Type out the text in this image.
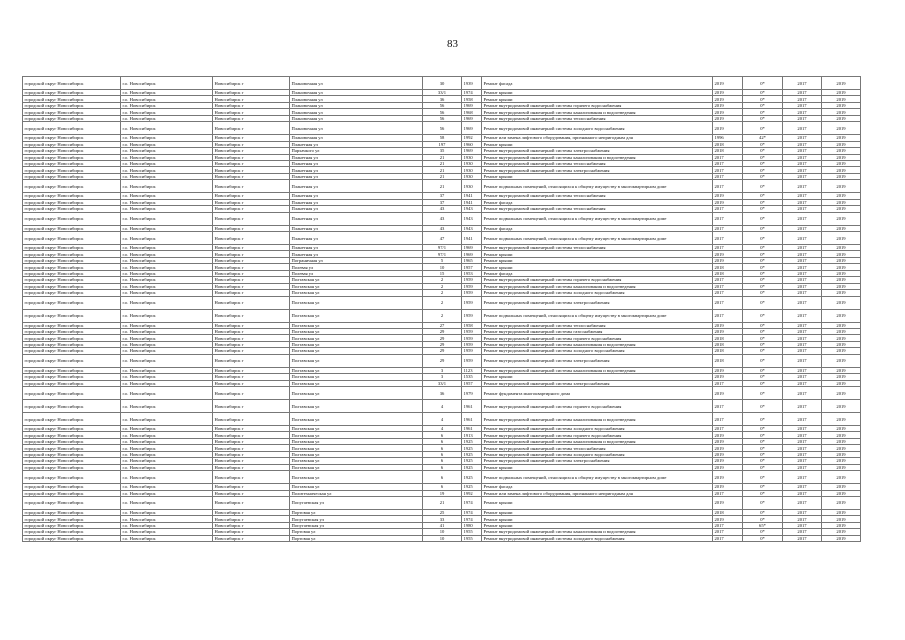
83
городской округ Новосибирск	г.о. Новосибирск	Новосибирск г	Плановочная ул	30	1939	Ремонт фасада	2019	0*	2017	2019
городской округ Новосибирск	г.о. Новосибирск	Новосибирск г	Плановочная ул	33/1	1974	Ремонт крыши	2019	0*	2017	2019
городской округ Новосибирск	г.о. Новосибирск	Новосибирск г	Плановочная ул	36	1958	Ремонт крыши	2019	0*	2017	2019
городской округ Новосибирск	г.о. Новосибирск	Новосибирск г	Плановочная ул	56	1969	Ремонт внутридомовой инженерной системы горячего водоснабжения	2019	0*	2017	2019
городской округ Новосибирск	г.о. Новосибирск	Новосибирск г	Плановочная ул	56	1968	Ремонт внутридомовой инженерной системы канализования и водоотведения	2019	0*	2017	2019
городской округ Новосибирск	г.о. Новосибирск	Новосибирск г	Плановочная ул	56	1969	Ремонт внутридомовой инженерной системы теплоснабжения	2019	0*	2017	2019
городской округ Новосибирск	г.о. Новосибирск	Новосибирск г	Плановочная ул	56	1969	Ремонт внутридомовой инженерной системы холодного водоснабжения	2019	0*	2017	2019
городской округ Новосибирск	г.о. Новосибирск	Новосибирск г	Плановочная ул	58	1992	Ремонт или замена лифтового оборудования, признанного непригодным для	1996	42*	2017	2019
городской округ Новосибирск	г.о. Новосибирск	Новосибирск г	Планетная ул	197	1960	Ремонт крыши	2018	0*	2017	2019
городской округ Новосибирск	г.о. Новосибирск	Новосибирск г	Пархачкого ул	35	1969	Ремонт внутридомовой инженерной системы электроснабжения	2018	0*	2017	2019
городской округ Новосибирск	г.о. Новосибирск	Новосибирск г	Планетная ул	21	1930	Ремонт внутридомовой инженерной системы канализования и водоотведения	2017	0*	2017	2019
городской округ Новосибирск	г.о. Новосибирск	Новосибирск г	Планетная ул	21	1930	Ремонт внутридомовой инженерной системы теплоснабжения	2017	0*	2017	2019
городской округ Новосибирск	г.о. Новосибирск	Новосибирск г	Планетная ул	21	1930	Ремонт внутридомовой инженерной системы электроснабжения	2017	0*	2017	2019
городской округ Новосибирск	г.о. Новосибирск	Новосибирск г	Планетная ул	21	1930	Ремонт крыши	2017	0*	2017	2019
городской округ Новосибирск	г.о. Новосибирск	Новосибирск г	Планетная ул	21	1930	Ремонт подвальных помещений, относящихся к общему имуществу в многоквартирном доме	2017	0*	2017	2019
городской округ Новосибирск	г.о. Новосибирск	Новосибирск г	Планетная ул	37	1941	Ремонт внутридомовой инженерной системы теплоснабжения	2019	0*	2017	2019
городской округ Новосибирск	г.о. Новосибирск	Новосибирск г	Планетная ул	37	1941	Ремонт фасада	2019	0*	2017	2019
городской округ Новосибирск	г.о. Новосибирск	Новосибирск г	Планетная ул	43	1943	Ремонт внутридомовой инженерной системы теплоснабжения	2017	0*	2017	2019
городской округ Новосибирск	г.о. Новосибирск	Новосибирск г	Планетная ул	43	1943	Ремонт подвальных помещений, относящихся к общему имуществу в многоквартирном доме	2017	0*	2017	2019
городской округ Новосибирск	г.о. Новосибирск	Новосибирск г	Планетная ул	43	1943	Ремонт фасада	2017	0*	2017	2019
городской округ Новосибирск	г.о. Новосибирск	Новосибирск г	Планетная ул	47	1941	Ремонт подвальных помещений, относящихся к общему имуществу в многоквартирном доме	2017	0*	2017	2019
городской округ Новосибирск	г.о. Новосибирск	Новосибирск г	Планетная ул	97/1	1969	Ремонт внутридомовой инженерной системы теплоснабжения	2017	0*	2017	2019
городской округ Новосибирск	г.о. Новосибирск	Новосибирск г	Планетная ул	97/1	1969	Ремонт крыши	2019	0*	2017	2019
городской округ Новосибирск	г.о. Новосибирск	Новосибирск г	Пограничная ул	5	1965	Ремонт крыши	2019	0*	2017	2019
городской округ Новосибирск	г.о. Новосибирск	Новосибирск г	Полевая ул	10	1957	Ремонт крыши	2018	0*	2017	2019
городской округ Новосибирск	г.о. Новосибирск	Новосибирск г	Полевая ул	15	1953	Ремонт фасада	2018	0*	2017	2019
городской округ Новосибирск	г.о. Новосибирск	Новосибирск г	Полтавская ул	2	1959	Ремонт внутридомовой инженерной системы горячего водоснабжения	2017	0*	2017	2019
городской округ Новосибирск	г.о. Новосибирск	Новосибирск г	Полтавская ул	2	1959	Ремонт внутридомовой инженерной системы канализования и водоотведения	2017	0*	2017	2019
городской округ Новосибирск	г.о. Новосибирск	Новосибирск г	Полтавская ул	2	1959	Ремонт внутридомовой инженерной системы холодного водоснабжения	2017	0*	2017	2019
городской округ Новосибирск	г.о. Новосибирск	Новосибирск г	Полтавская ул	2	1959	Ремонт внутридомовой инженерной системы электроснабжения	2017	0*	2017	2019
городской округ Новосибирск	г.о. Новосибирск	Новосибирск г	Полтавская ул	2	1959	Ремонт подвальных помещений, относящихся к общему имуществу в многоквартирном доме	2017	0*	2017	2019
городской округ Новосибирск	г.о. Новосибирск	Новосибирск г	Полтавская ул	27	1958	Ремонт внутридомовой инженерной системы теплоснабжения	2019	0*	2017	2019
городской округ Новосибирск	г.о. Новосибирск	Новосибирск г	Полтавская ул	29	1959	Ремонт внутридомовой инженерной системы газоснабжения	2019	0*	2017	2019
городской округ Новосибирск	г.о. Новосибирск	Новосибирск г	Полтавская ул	29	1959	Ремонт внутридомовой инженерной системы горячего водоснабжения	2018	0*	2017	2019
городской округ Новосибирск	г.о. Новосибирск	Новосибирск г	Полтавская ул	29	1959	Ремонт внутридомовой инженерной системы канализования и водоотведения	2018	0*	2017	2019
городской округ Новосибирск	г.о. Новосибирск	Новосибирск г	Полтавская ул	29	1959	Ремонт внутридомовой инженерной системы холодного водоснабжения	2018	0*	2017	2019
городской округ Новосибирск	г.о. Новосибирск	Новосибирск г	Полтавская ул	29	1959	Ремонт внутридомовой инженерной системы электроснабжения	2018	0*	2017	2019
городской округ Новосибирск	г.о. Новосибирск	Новосибирск г	Полтавская ул	3	1123	Ремонт внутридомовой инженерной системы канализования и водоотведения	2019	0*	2017	2019
городской округ Новосибирск	г.о. Новосибирск	Новосибирск г	Полтавская ул	3	1535	Ремонт крыши	2019	0*	2017	2019
городской округ Новосибирск	г.о. Новосибирск	Новосибирск г	Полтавская ул	33/1	1957	Ремонт внутридомовой инженерной системы электроснабжения	2017	0*	2017	2019
городской округ Новосибирск	г.о. Новосибирск	Новосибирск г	Полтавская ул	36	1979	Ремонт фундамента многоквартирного дома	2019	0*	2017	2019
городской округ Новосибирск	г.о. Новосибирск	Новосибирск г	Полтавская ул	4	1961	Ремонт внутридомовой инженерной системы горячего водоснабжения	2017	0*	2017	2019
городской округ Новосибирск	г.о. Новосибирск	Новосибирск г	Полтавская ул	4	1961	Ремонт внутридомовой инженерной системы канализования и водоотведения	2017	0*	2017	2019
городской округ Новосибирск	г.о. Новосибирск	Новосибирск г	Полтавская ул	4	1961	Ремонт внутридомовой инженерной системы холодного водоснабжения	2017	0*	2017	2019
городской округ Новосибирск	г.о. Новосибирск	Новосибирск г	Полтавская ул	6	1913	Ремонт внутридомовой инженерной системы горячего водоснабжения	2019	0*	2017	2019
городской округ Новосибирск	г.о. Новосибирск	Новосибирск г	Полтавская ул	6	1925	Ремонт внутридомовой инженерной системы канализования и водоотведения	2019	0*	2017	2019
городской округ Новосибирск	г.о. Новосибирск	Новосибирск г	Полтавская ул	6	1925	Ремонт внутридомовой инженерной системы теплоснабжения	2019	0*	2017	2019
городской округ Новосибирск	г.о. Новосибирск	Новосибирск г	Полтавская ул	6	1925	Ремонт внутридомовой инженерной системы холодного водоснабжения	2019	0*	2017	2019
городской округ Новосибирск	г.о. Новосибирск	Новосибирск г	Полтавская ул	6	1925	Ремонт внутридомовой инженерной системы электроснабжения	2019	0*	2017	2019
городской округ Новосибирск	г.о. Новосибирск	Новосибирск г	Полтавская ул	6	1925	Ремонт крыши	2019	0*	2017	2019
городской округ Новосибирск	г.о. Новосибирск	Новосибирск г	Полтавская ул	6	1925	Ремонт подвальных помещений, относящихся к общему имуществу в многоквартирном доме	2019	0*	2017	2019
городской округ Новосибирск	г.о. Новосибирск	Новосибирск г	Полтавская ул	6	1925	Ремонт фасада	2019	0*	2017	2019
городской округ Новосибирск	г.о. Новосибирск	Новосибирск г	Политехническая ул	19	1992	Ремонт или замена лифтового оборудования, признанного непригодным для	2017	0*	2017	2019
городской округ Новосибирск	г.о. Новосибирск	Новосибирск г	Попугаевская ул	21	1974	Ремонт крыши	2019	0*	2017	2019
городской округ Новосибирск	г.о. Новосибирск	Новосибирск г	Портовая ул	25	1974	Ремонт крыши	2018	0*	2017	2019
городской округ Новосибирск	г.о. Новосибирск	Новосибирск г	Попугаевская ул	33	1974	Ремонт крыши	2019	0*	2017	2019
городской округ Новосибирск	г.о. Новосибирск	Новосибирск г	Попугаевская ул	41	1980	Ремонт крыши	2017	65*	2017	2019
городской округ Новосибирск	г.о. Новосибирск	Новосибирск г	Портовая ул	10	1955	Ремонт внутридомовой инженерной системы канализования и водоотведения	2017	0*	2017	2019
городской округ Новосибирск	г.о. Новосибирск	Новосибирск г	Портовая ул	10	1955	Ремонт внутридомовой инженерной системы холодного водоснабжения	2017	0*	2017	2019
